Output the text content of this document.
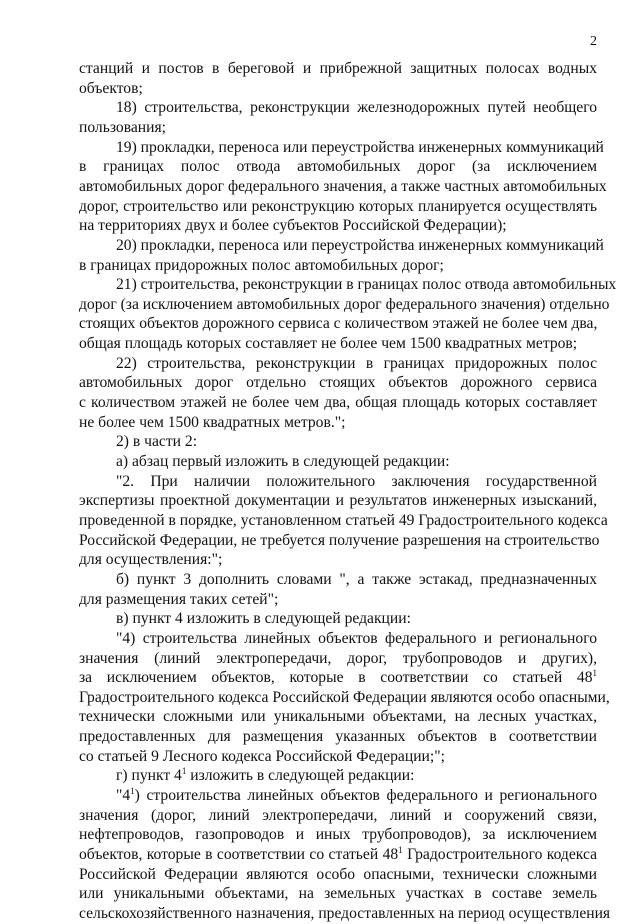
2
станций и постов в береговой и прибрежной защитных полосах водных
объектов;
18) строительства, реконструкции железнодорожных путей необщего
пользования;
19) прокладки, переноса или переустройства инженерных коммуникаций
в границах полос отвода автомобильных дорог (за исключением
автомобильных дорог федерального значения, а также частных автомобильных
дорог, строительство или реконструкцию которых планируется осуществлять
на территориях двух и более субъектов Российской Федерации);
20) прокладки, переноса или переустройства инженерных коммуникаций
в границах придорожных полос автомобильных дорог;
21) строительства, реконструкции в границах полос отвода автомобильных
дорог (за исключением автомобильных дорог федерального значения) отдельно
стоящих объектов дорожного сервиса с количеством этажей не более чем два,
общая площадь которых составляет не более чем 1500 квадратных метров;
22) строительства, реконструкции в границах придорожных полос
автомобильных дорог отдельно стоящих объектов дорожного сервиса
с количеством этажей не более чем два, общая площадь которых составляет
не более чем 1500 квадратных метров.";
2) в части 2:
а) абзац первый изложить в следующей редакции:
"2. При наличии положительного заключения государственной
экспертизы проектной документации и результатов инженерных изысканий,
проведенной в порядке, установленном статьей 49 Градостроительного кодекса
Российской Федерации, не требуется получение разрешения на строительство
для осуществления:";
б) пункт 3 дополнить словами ", а также эстакад, предназначенных
для размещения таких сетей";
в) пункт 4 изложить в следующей редакции:
"4) строительства линейных объектов федерального и регионального
значения (линий электропередачи, дорог, трубопроводов и других),
за исключением объектов, которые в соответствии со статьей $48^1$
Градостроительного кодекса Российской Федерации являются особо опасными,
технически сложными или уникальными объектами, на лесных участках,
предоставленных для размещения указанных объектов в соответствии
со статьей 9 Лесного кодекса Российской Федерации;";
г) пункт $4^1$ изложить в следующей редакции:
"$4^1$) строительства линейных объектов федерального и регионального
значения (дорог, линий электропередачи, линий и сооружений связи,
нефтепроводов, газопроводов и иных трубопроводов), за исключением
объектов, которые в соответствии со статьей $48^1$ Градостроительного кодекса
Российской Федерации являются особо опасными, технически сложными
или уникальными объектами, на земельных участках в составе земель
сельскохозяйственного назначения, предоставленных на период осуществления
